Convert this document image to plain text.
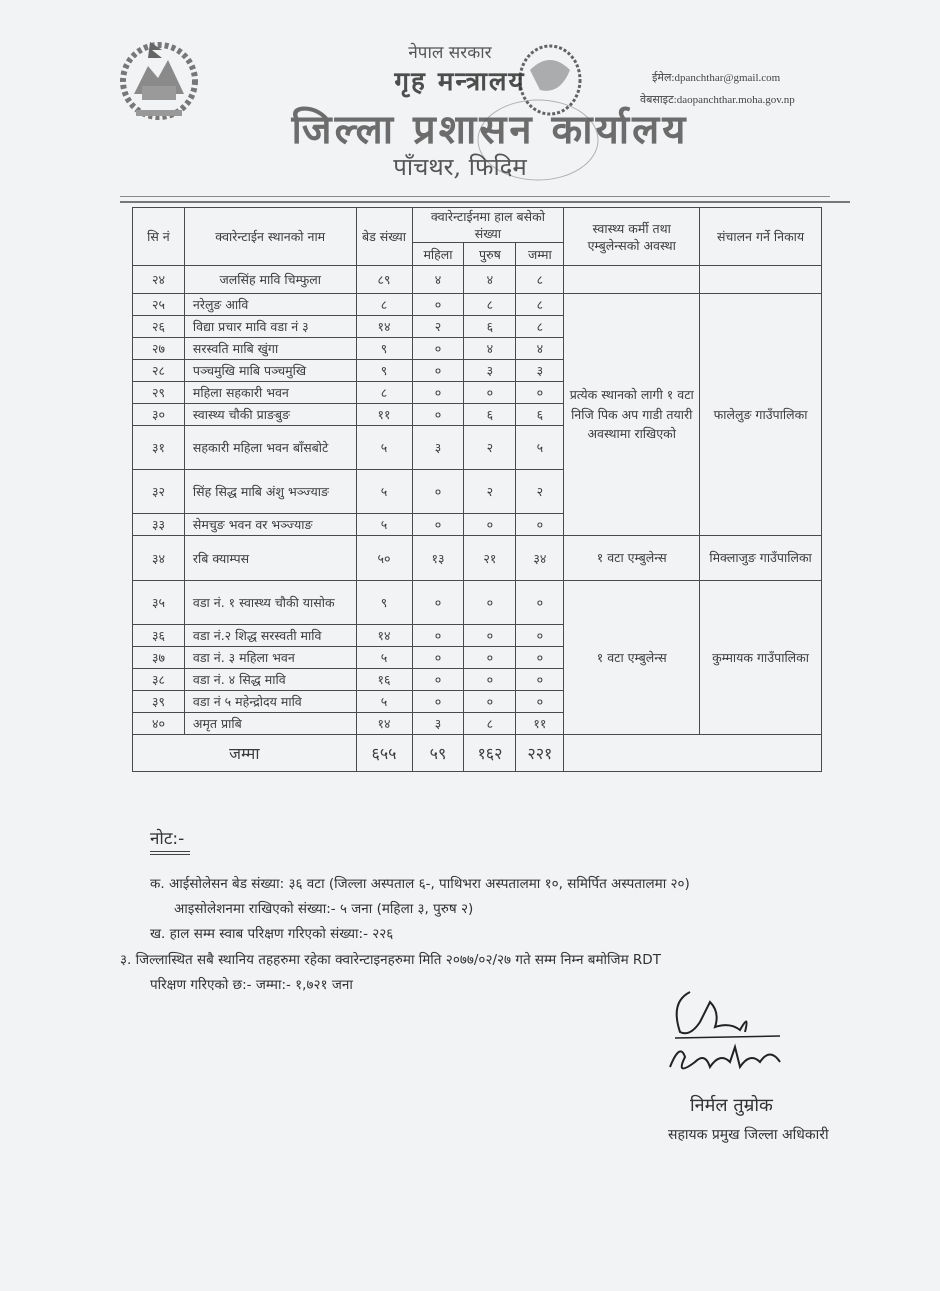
नेपाल सरकार
गृह मन्त्रालय
जिल्ला प्रशासन कार्यालय
पाँचथर, फिदिम
ईमेल:dpanchthar@gmail.com
वेबसाइट:daopanchthar.moha.gov.np
सि नं	क्वारेन्टाईन स्थानको नाम	बेड संख्या	क्वारेन्टाईनमा हाल बसेको संख्या			स्वास्थ्य कर्मी तथा एम्बुलेन्सको अवस्था	संचालन गर्ने निकाय
			महिला	पुरुष	जम्मा		
२४	जलसिंह मावि चिम्फुला	८९	४	४	८		
२५	नरेलुङ आवि	८	०	८	८	प्रत्येक स्थानको लागी १ वटा निजि पिक अप गाडी तयारी अवस्थामा राखिएको	फालेलुङ गाउँपालिका
२६	विद्या प्रचार मावि वडा नं ३	१४	२	६	८		
२७	सरस्वति माबि खुंगा	९	०	४	४		
२८	पञ्चमुखि माबि पञ्चमुखि	९	०	३	३		
२९	महिला सहकारी भवन	८	०	०	०		
३०	स्वास्थ्य चौकी प्राङबुङ	११	०	६	६		
३१	सहकारी महिला भवन बाँसबोटे	५	३	२	५		
३२	सिंह सिद्ध माबि अंशु भञ्ज्याङ	५	०	२	२		
३३	सेमचुङ भवन वर भञ्ज्याङ	५	०	०	०		
३४	रबि क्याम्पस	५०	१३	२१	३४	१ वटा एम्बुलेन्स	मिक्लाजुङ गाउँपालिका
३५	वडा नं. १ स्वास्थ्य चौकी यासोक	९	०	०	०	१ वटा एम्बुलेन्स	कुम्मायक गाउँपालिका
३६	वडा नं.२ शिद्ध सरस्वती मावि	१४	०	०	०		
३७	वडा नं. ३ महिला भवन	५	०	०	०		
३८	वडा नं. ४ सिद्ध मावि	१६	०	०	०		
३९	वडा नं ५ महेन्द्रोदय मावि	५	०	०	०		
४०	अमृत प्राबि	१४	३	८	११		
जम्मा		६५५	५९	१६२	२२१		
नोट:-
क. आईसोलेसन बेड संख्या: ३६ वटा (जिल्ला अस्पताल ६-, पाथिभरा अस्पतालमा १०, समिर्पित अस्पतालमा २०)
आइसोलेशनमा राखिएको संख्या:- ५ जना (महिला ३, पुरुष २)
ख. हाल सम्म स्वाब परिक्षण गरिएको संख्या:- २२६
३. जिल्लास्थित सबै स्थानिय तहहरुमा रहेका क्वारेन्टाइनहरुमा मिति २०७७/०२/२७ गते सम्म निम्न बमोजिम RDT
परिक्षण गरिएको छ:- जम्मा:- १,७२१ जना
निर्मल तुम्रोक
सहायक प्रमुख जिल्ला अधिकारी
